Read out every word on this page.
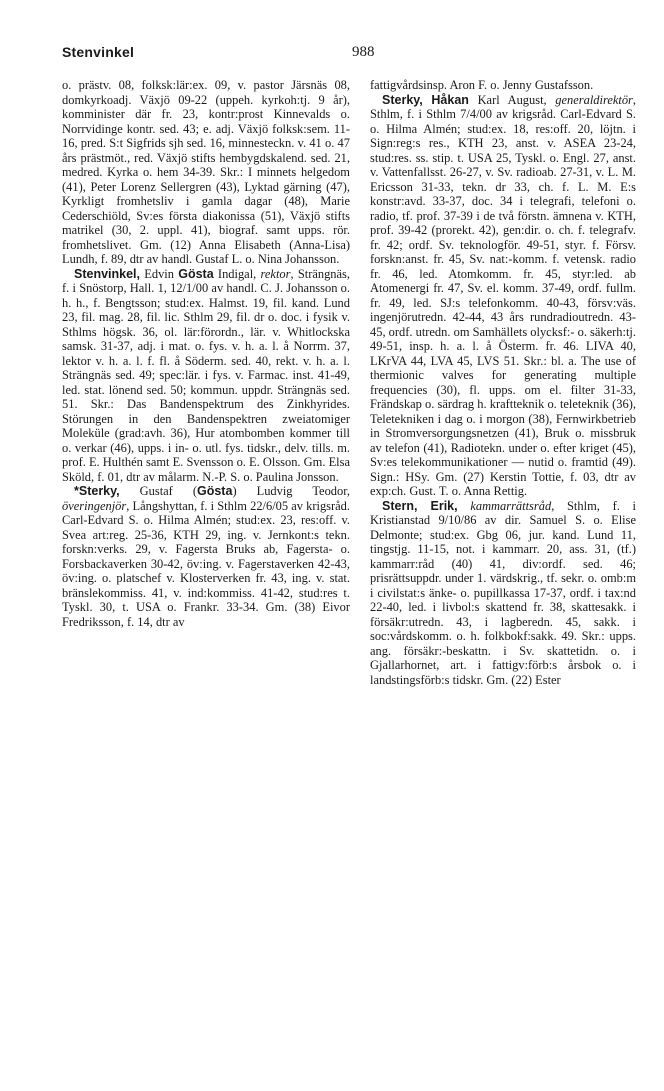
Stenvinkel	988

o. prästv. 08, folksk:lär:ex. 09, v. pastor Järsnäs 08, domkyrkoadj. Växjö 09-22 (uppeh. kyrkoh:tj. 9 år), komminister där fr. 23, kontr:prost Kinnevalds o. Norrvidinge kontr. sed. 43; e. adj. Växjö folksk:sem. 11-16, pred. S:t Sigfrids sjh sed. 16, minnesteckn. v. 41 o. 47 års prästmöt., red. Växjö stifts hembygdskalend. sed. 21, medred. Kyrka o. hem 34-39. Skr.: I minnets helgedom (41), Peter Lorenz Sellergren (43), Lyktad gärning (47), Kyrkligt fromhetsliv i gamla dagar (48), Marie Cederschiöld, Sv:es första diakonissa (51), Växjö stifts matrikel (30, 2. uppl. 41), biograf. samt upps. rör. fromhetslivet. Gm. (12) Anna Elisabeth (Anna-Lisa) Lundh, f. 89, dtr av handl. Gustaf L. o. Nina Johansson.

Stenvinkel, Edvin Gösta Indigal, rektor, Strängnäs, f. i Snöstorp, Hall. 1, 12/1/00 av handl. C. J. Johansson o. h. h., f. Bengtsson; stud:ex. Halmst. 19, fil. kand. Lund 23, fil. mag. 28, fil. lic. Sthlm 29, fil. dr o. doc. i fysik v. Sthlms högsk. 36, ol. lär:förordn., lär. v. Whitlockska samsk. 31-37, adj. i mat. o. fys. v. h. a. l. å Norrm. 37, lektor v. h. a. l. f. fl. å Söderm. sed. 40, rekt. v. h. a. l. Strängnäs sed. 49; spec:lär. i fys. v. Farmac. inst. 41-49, led. stat. lönend sed. 50; kommun. uppdr. Strängnäs sed. 51. Skr.: Das Bandenspektrum des Zinkhyrides. Störungen in den Bandenspektren zweiatomiger Moleküle (grad:avh. 36), Hur atombomben kommer till o. verkar (46), upps. i in- o. utl. fys. tidskr., delv. tills. m. prof. E. Hulthén samt E. Svensson o. E. Olsson. Gm. Elsa Sköld, f. 01, dtr av målarm. N.-P. S. o. Paulina Jonsson.

*Sterky, Gustaf (Gösta) Ludvig Teodor, överingenjör, Långshyttan, f. i Sthlm 22/6/05 av krigsråd. Carl-Edvard S. o. Hilma Almén; stud:ex. 23, res:off. v. Svea art:reg. 25-36, KTH 29, ing. v. Jernkont:s tekn. forskn:verks. 29, v. Fagersta Bruks ab, Fagersta- o. Forsbackaverken 30-42, öv:ing. v. Fagerstaverken 42-43, öv:ing. o. platschef v. Klosterverken fr. 43, ing. v. stat. bränslekommiss. 41, v. ind:kommiss. 41-42, stud:res t. Tyskl. 30, t. USA o. Frankr. 33-34. Gm. (38) Eivor Fredriksson, f. 14, dtr av

fattigvårdsinsp. Aron F. o. Jenny Gustafsson.

Sterky, Håkan Karl August, generaldirektör, Sthlm, f. i Sthlm 7/4/00 av krigsråd. Carl-Edvard S. o. Hilma Almén; stud:ex. 18, res:off. 20, löjtn. i Sign:reg:s res., KTH 23, anst. v. ASEA 23-24, stud:res. ss. stip. t. USA 25, Tyskl. o. Engl. 27, anst. v. Vattenfallsst. 26-27, v. Sv. radioab. 27-31, v. L. M. Ericsson 31-33, tekn. dr 33, ch. f. L. M. E:s konstr:avd. 33-37, doc. 34 i telegrafi, telefoni o. radio, tf. prof. 37-39 i de två förstn. ämnena v. KTH, prof. 39-42 (prorekt. 42), gen:dir. o. ch. f. telegrafv. fr. 42; ordf. Sv. teknologför. 49-51, styr. f. Försv. forskn:anst. fr. 45, Sv. nat:-komm. f. vetensk. radio fr. 46, led. Atomkomm. fr. 45, styr:led. ab Atomenergi fr. 47, Sv. el. komm. 37-49, ordf. fullm. fr. 49, led. SJ:s telefonkomm. 40-43, försv:väs. ingenjörutredn. 42-44, 43 års rundradioutredn. 43-45, ordf. utredn. om Samhällets olycksf:- o. säkerh:tj. 49-51, insp. h. a. l. å Österm. fr. 46. LIVA 40, LKrVA 44, LVA 45, LVS 51. Skr.: bl. a. The use of thermionic valves for generating multiple frequencies (30), fl. upps. om el. filter 31-33, Frändskap o. särdrag h. kraftteknik o. teleteknik (36), Teletekniken i dag o. i morgon (38), Fernwirkbetrieb in Stromversorgungsnetzen (41), Bruk o. missbruk av telefon (41), Radiotekn. under o. efter kriget (45), Sv:es telekommunikationer — nutid o. framtid (49). Sign.: HSy. Gm. (27) Kerstin Tottie, f. 03, dtr av exp:ch. Gust. T. o. Anna Rettig.

Stern, Erik, kammarrättsråd, Sthlm, f. i Kristianstad 9/10/86 av dir. Samuel S. o. Elise Delmonte; stud:ex. Gbg 06, jur. kand. Lund 11, tingstjg. 11-15, not. i kammarr. 20, ass. 31, (tf.) kammarr:råd (40) 41, div:ordf. sed. 46; prisrättsuppdr. under 1. värdskrig., tf. sekr. o. omb:m i civilstat:s änke- o. pupillkassa 17-37, ordf. i tax:nd 22-40, led. i livbol:s skattend fr. 38, skattesakk. i försäkr:utredn. 43, i lagberedn. 45, sakk. i soc:vårdskomm. o. h. folkbokf:sakk. 49. Skr.: upps. ang. försäkr:-beskattn. i Sv. skattetidn. o. i Gjallarhornet, art. i fattigv:förb:s årsbok o. i landstingsförb:s tidskr. Gm. (22) Ester
